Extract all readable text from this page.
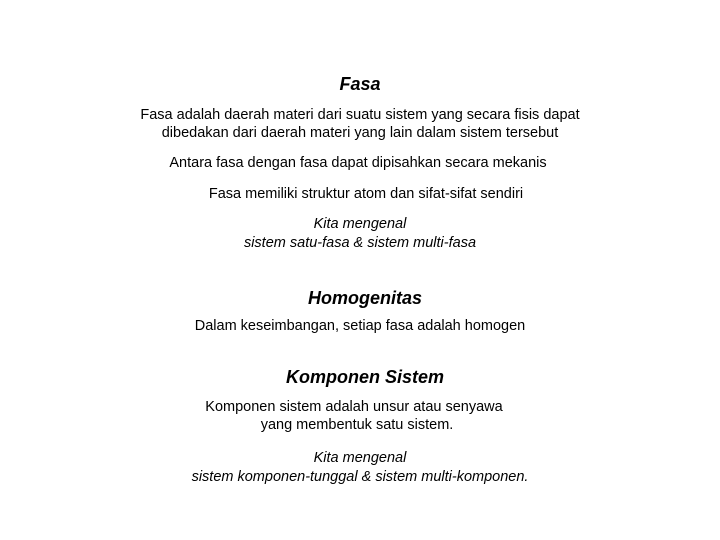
Fasa
Fasa adalah daerah materi dari suatu sistem yang secara fisis dapat
dibedakan dari daerah materi yang lain dalam sistem tersebut
Antara fasa dengan fasa dapat dipisahkan secara mekanis
Fasa memiliki struktur atom dan sifat-sifat sendiri
Kita mengenal
sistem satu-fasa & sistem multi-fasa
Homogenitas
Dalam keseimbangan, setiap fasa adalah homogen
Komponen Sistem
Komponen sistem adalah unsur atau senyawa
yang membentuk satu sistem.
Kita mengenal
sistem komponen-tunggal & sistem multi-komponen.
